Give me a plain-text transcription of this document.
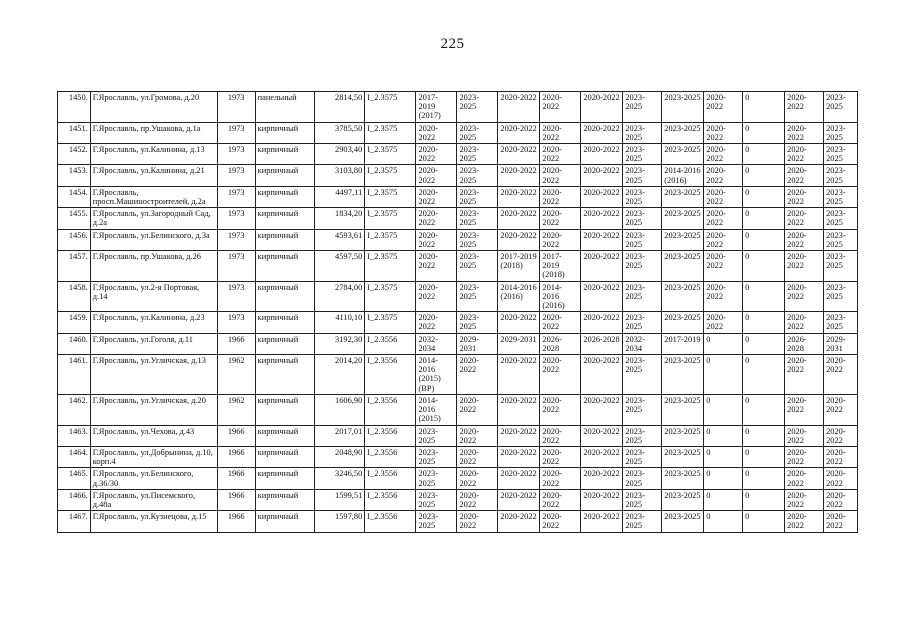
225
1450.	Г.Ярославль, ул.Громова, д.20	1973	панельный	2814,50	I_2.3575	2017-2019 (2017)	2023-2025	2020-2022	2020-2022	2020-2022	2023-2025	2023-2025	2020-2022	0	2020-2022	2023-2025
1451.	Г.Ярославль, пр.Ушакова, д.1а	1973	кирпичный	3785,50	I_2.3575	2020-2022	2023-2025	2020-2022	2020-2022	2020-2022	2023-2025	2023-2025	2020-2022	0	2020-2022	2023-2025
1452.	Г.Ярославль, ул.Калинина, д.13	1973	кирпичный	2903,40	I_2.3575	2020-2022	2023-2025	2020-2022	2020-2022	2020-2022	2023-2025	2023-2025	2020-2022	0	2020-2022	2023-2025
1453.	Г.Ярославль, ул.Калинина, д.21	1973	кирпичный	3103,80	I_2.3575	2020-2022	2023-2025	2020-2022	2020-2022	2020-2022	2023-2025	2014-2016 (2016)	2020-2022	0	2020-2022	2023-2025
1454.	Г.Ярославль, просп.Машиностроителей, д.2а	1973	кирпичный	4497,11	I_2.3575	2020-2022	2023-2025	2020-2022	2020-2022	2020-2022	2023-2025	2023-2025	2020-2022	0	2020-2022	2023-2025
1455.	Г.Ярославль, ул.Загородный Сад, д.2а	1973	кирпичный	1834,20	I_2.3575	2020-2022	2023-2025	2020-2022	2020-2022	2020-2022	2023-2025	2023-2025	2020-2022	0	2020-2022	2023-2025
1456.	Г.Ярославль, ул.Белинского, д.3а	1973	кирпичный	4593,61	I_2.3575	2020-2022	2023-2025	2020-2022	2020-2022	2020-2022	2023-2025	2023-2025	2020-2022	0	2020-2022	2023-2025
1457.	Г.Ярославль, пр.Ушакова, д.26	1973	кирпичный	4597,50	I_2.3575	2020-2022	2023-2025	2017-2019 (2018)	2017-2019 (2018)	2020-2022	2023-2025	2023-2025	2020-2022	0	2020-2022	2023-2025
1458.	Г.Ярославль, ул.2-я Портовая, д.14	1973	кирпичный	2784,00	I_2.3575	2020-2022	2023-2025	2014-2016 (2016)	2014-2016 (2016)	2020-2022	2023-2025	2023-2025	2020-2022	0	2020-2022	2023-2025
1459.	Г.Ярославль, ул.Калинина, д.23	1973	кирпичный	4110,10	I_2.3575	2020-2022	2023-2025	2020-2022	2020-2022	2020-2022	2023-2025	2023-2025	2020-2022	0	2020-2022	2023-2025
1460.	Г.Ярославль, ул.Гоголя, д.11	1966	кирпичный	3192,30	I_2.3556	2032-2034	2029-2031	2029-2031	2026-2028	2026-2028	2032-2034	2017-2019	0	0	2026-2028	2029-2031
1461.	Г.Ярославль, ул.Угличская, д.13	1962	кирпичный	2014,20	I_2.3556	2014-2016 (2015) (ВР)	2020-2022	2020-2022	2020-2022	2020-2022	2023-2025	2023-2025	0	0	2020-2022	2020-2022
1462.	Г.Ярославль, ул.Угличская, д.20	1962	кирпичный	1606,90	I_2.3556	2014-2016 (2015)	2020-2022	2020-2022	2020-2022	2020-2022	2023-2025	2023-2025	0	0	2020-2022	2020-2022
1463.	Г.Ярославль, ул.Чехова, д.43	1966	кирпичный	2017,01	I_2.3556	2023-2025	2020-2022	2020-2022	2020-2022	2020-2022	2023-2025	2023-2025	0	0	2020-2022	2020-2022
1464.	Г.Ярославль, ул.Добрынина, д.10, корп.4	1966	кирпичный	2048,90	I_2.3556	2023-2025	2020-2022	2020-2022	2020-2022	2020-2022	2023-2025	2023-2025	0	0	2020-2022	2020-2022
1465.	Г.Ярославль, ул.Белинского, д.36/30	1966	кирпичный	3246,50	I_2.3556	2023-2025	2020-2022	2020-2022	2020-2022	2020-2022	2023-2025	2023-2025	0	0	2020-2022	2020-2022
1466.	Г.Ярославль, ул.Писемского, д.48а	1966	кирпичный	1599,51	I_2.3556	2023-2025	2020-2022	2020-2022	2020-2022	2020-2022	2023-2025	2023-2025	0	0	2020-2022	2020-2022
1467.	Г.Ярославль, ул.Кузнецова, д.15	1966	кирпичный	1597,80	I_2.3556	2023-2025	2020-2022	2020-2022	2020-2022	2020-2022	2023-2025	2023-2025	0	0	2020-2022	2020-2022
